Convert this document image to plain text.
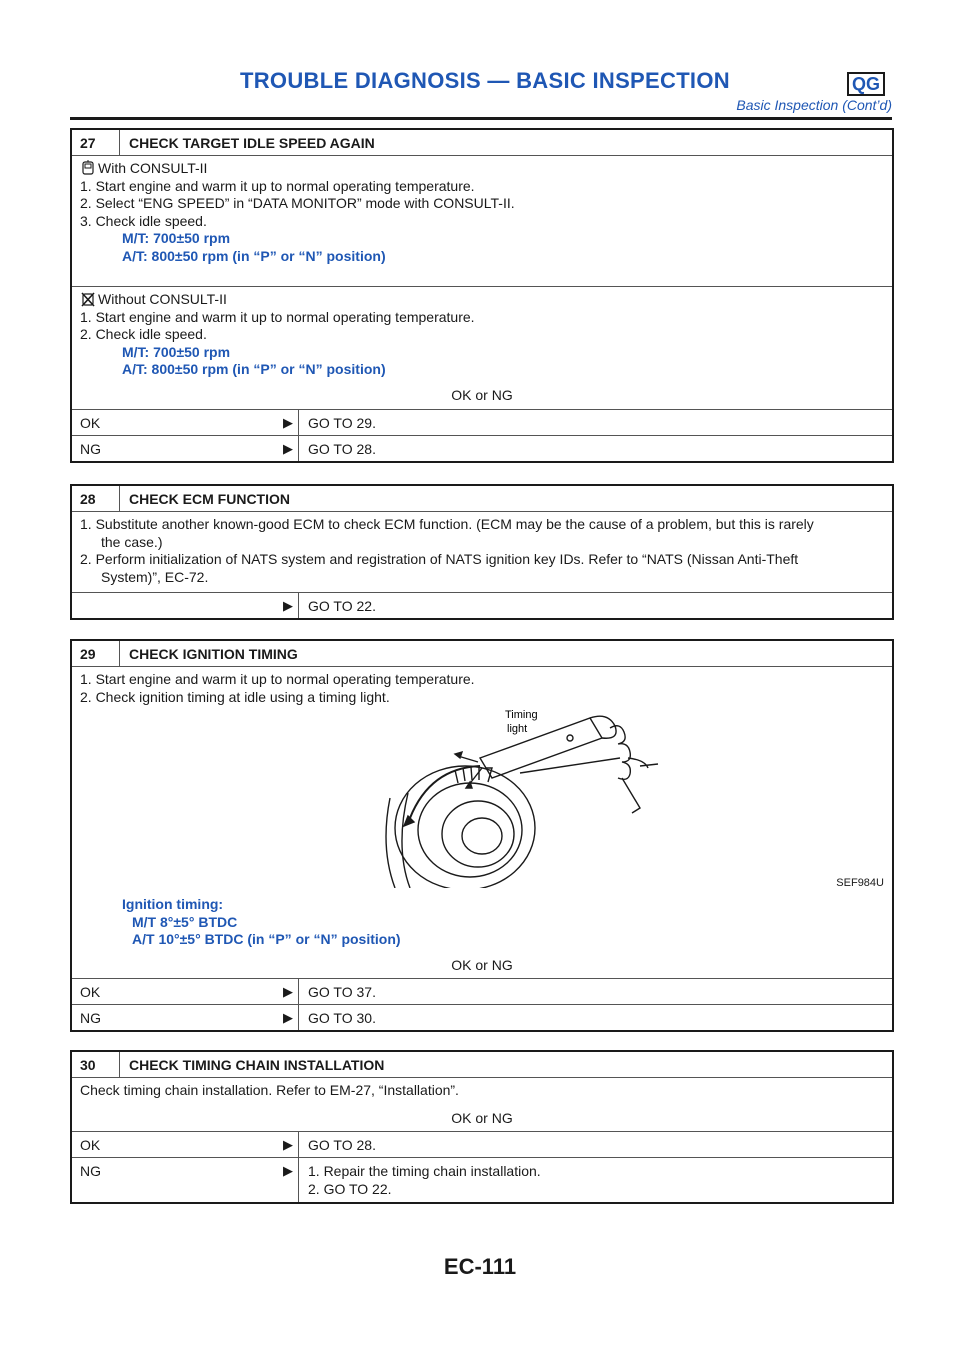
TROUBLE DIAGNOSIS — BASIC INSPECTION	QG
Basic Inspection (Cont’d)
27 CHECK TARGET IDLE SPEED AGAIN
With CONSULT-II
1. Start engine and warm it up to normal operating temperature.
2. Select “ENG SPEED” in “DATA MONITOR” mode with CONSULT-II.
3. Check idle speed.
M/T: 700±50 rpm
A/T: 800±50 rpm (in “P” or “N” position)
Without CONSULT-II
1. Start engine and warm it up to normal operating temperature.
2. Check idle speed.
M/T: 700±50 rpm
A/T: 800±50 rpm (in “P” or “N” position)
OK or NG
OK	▶ GO TO 29.
NG	▶ GO TO 28.
28 CHECK ECM FUNCTION
1. Substitute another known-good ECM to check ECM function. (ECM may be the cause of a problem, but this is rarely
the case.)
2. Perform initialization of NATS system and registration of NATS ignition key IDs. Refer to “NATS (Nissan Anti-Theft
System)”, EC-72.
▶ GO TO 22.
29 CHECK IGNITION TIMING
1. Start engine and warm it up to normal operating temperature.
2. Check ignition timing at idle using a timing light.
Timing
light
SEF984U
Ignition timing:
M/T 8°±5° BTDC
A/T 10°±5° BTDC (in “P” or “N” position)
OK or NG
OK	▶ GO TO 37.
NG	▶ GO TO 30.
30 CHECK TIMING CHAIN INSTALLATION
Check timing chain installation. Refer to EM-27, “Installation”.
OK or NG
OK	▶ GO TO 28.
NG	▶ 1. Repair the timing chain installation.
2. GO TO 22.
EC-111
